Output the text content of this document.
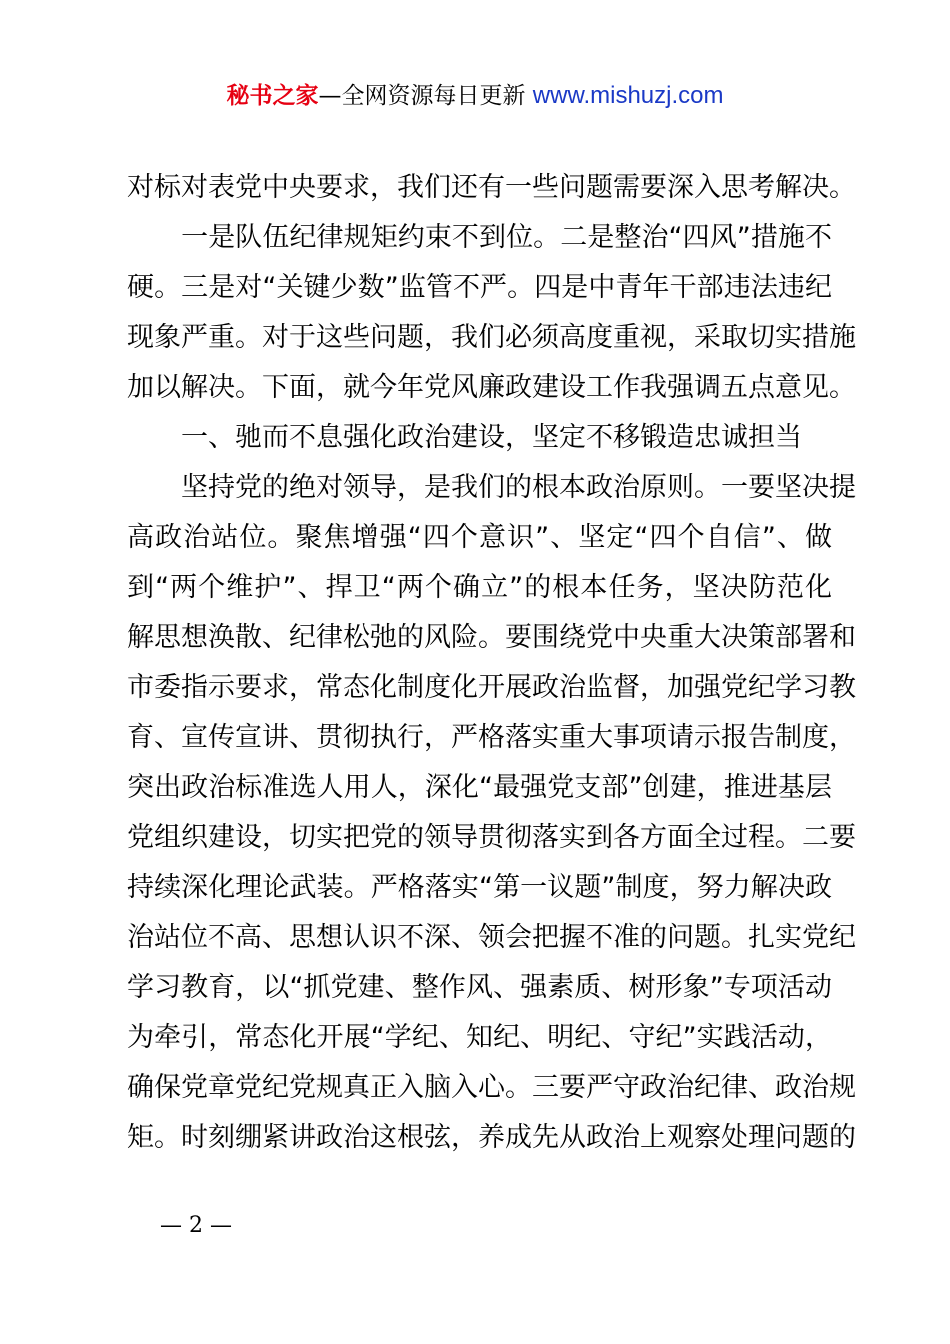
秘书之家—全网资源每日更新 www.mishuzj.com
对标对表党中央要求，我们还有一些问题需要深入思考解决。
　　一是队伍纪律规矩约束不到位。二是整治“四风”措施不
硬。三是对“关键少数”监管不严。四是中青年干部违法违纪
现象严重。对于这些问题，我们必须高度重视，采取切实措施
加以解决。下面，就今年党风廉政建设工作我强调五点意见。
　　一、驰而不息强化政治建设，坚定不移锻造忠诚担当
　　坚持党的绝对领导，是我们的根本政治原则。一要坚决提
高政治站位。聚焦增强“四个意识”、坚定“四个自信”、做
到“两个维护”、捍卫“两个确立”的根本任务，坚决防范化
解思想涣散、纪律松弛的风险。要围绕党中央重大决策部署和
市委指示要求，常态化制度化开展政治监督，加强党纪学习教
育、宣传宣讲、贯彻执行，严格落实重大事项请示报告制度，
突出政治标准选人用人，深化“最强党支部”创建，推进基层
党组织建设，切实把党的领导贯彻落实到各方面全过程。二要
持续深化理论武装。严格落实“第一议题”制度，努力解决政
治站位不高、思想认识不深、领会把握不准的问题。扎实党纪
学习教育，以“抓党建、整作风、强素质、树形象”专项活动
为牵引，常态化开展“学纪、知纪、明纪、守纪”实践活动，
确保党章党纪党规真正入脑入心。三要严守政治纪律、政治规
矩。时刻绷紧讲政治这根弦，养成先从政治上观察处理问题的
— 2 —
